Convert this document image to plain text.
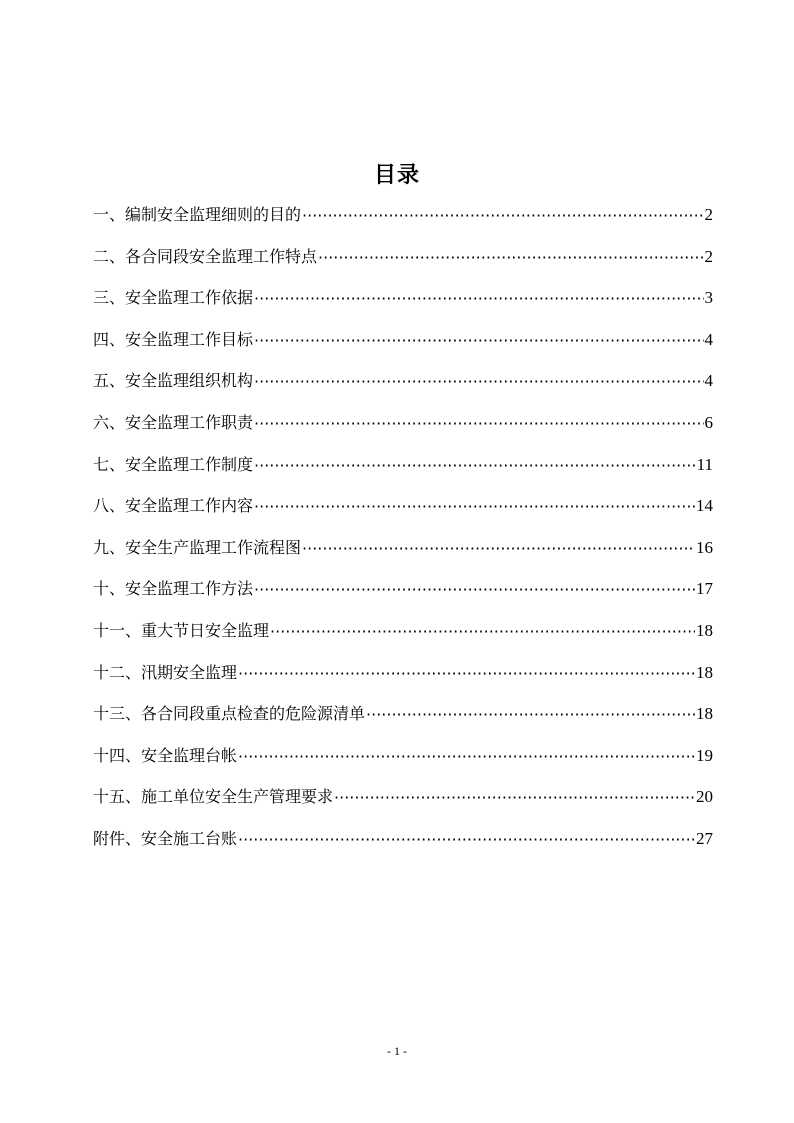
目录
一、编制安全监理细则的目的 ·····	2
二、各合同段安全监理工作特点 ·····	2
三、安全监理工作依据 ·····	3
四、安全监理工作目标 ·····	4
五、安全监理组织机构 ·····	4
六、安全监理工作职责 ·····	6
七、安全监理工作制度 ·····	11
八、安全监理工作内容 ·····	14
九、安全生产监理工作流程图 ·····	16
十、安全监理工作方法 ·····	17
十一、重大节日安全监理 ·····	18
十二、汛期安全监理 ·····	18
十三、各合同段重点检查的危险源清单 ·····	18
十四、安全监理台帐 ·····	19
十五、施工单位安全生产管理要求 ·····	20
附件、安全施工台账 ·····	27
- 1 -
